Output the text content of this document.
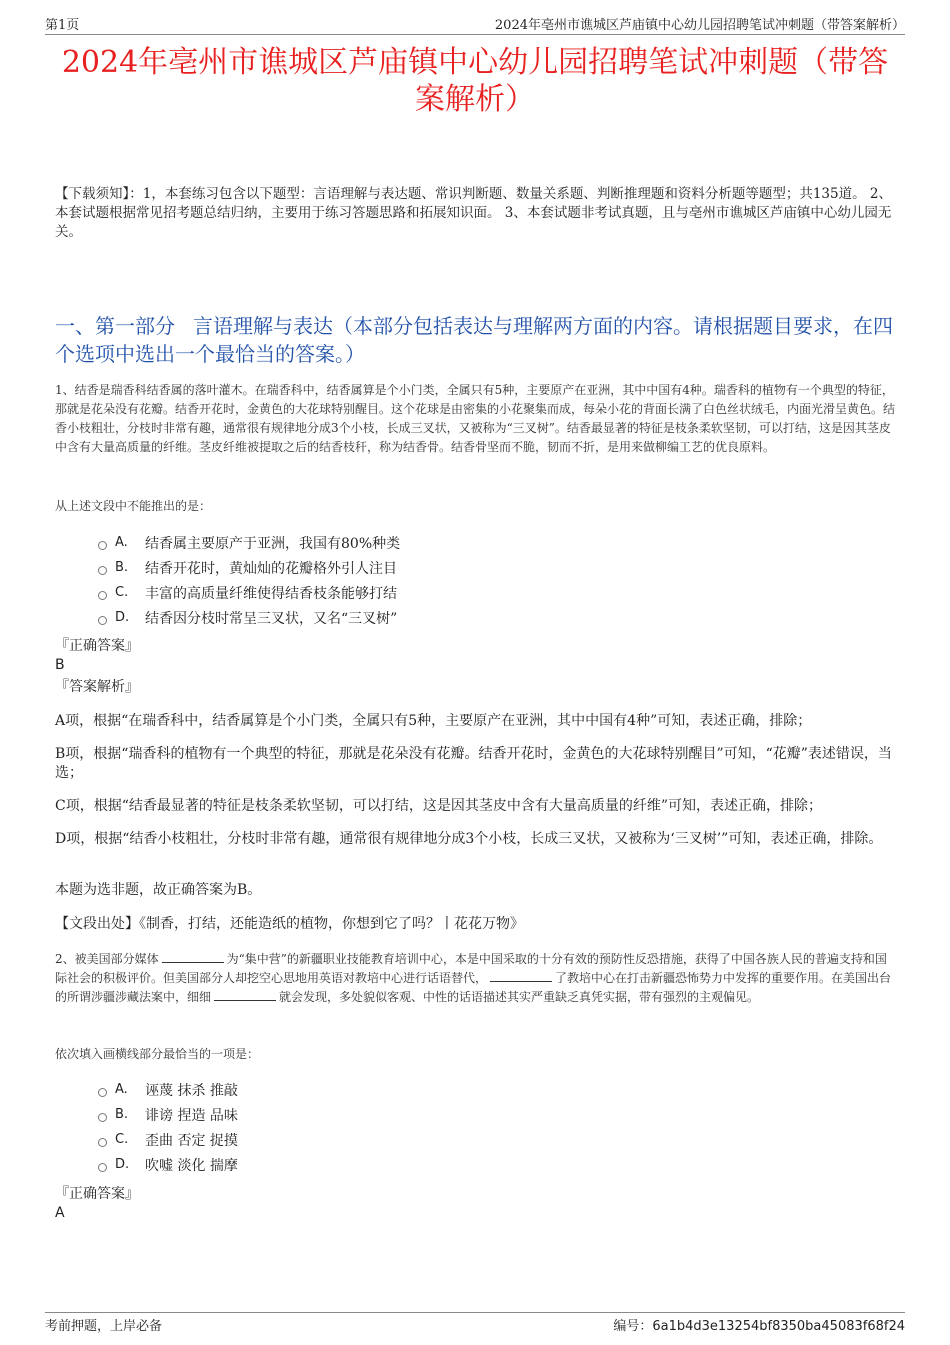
第1页	2024年亳州市谯城区芦庙镇中心幼儿园招聘笔试冲刺题（带答案解析）
2024年亳州市谯城区芦庙镇中心幼儿园招聘笔试冲刺题（带答案解析）
【下载须知】：1，本套练习包含以下题型：言语理解与表达题、常识判断题、数量关系题、判断推理题和资料分析题等题型；共135道。 2、本套试题根据常见招考题总结归纳，主要用于练习答题思路和拓展知识面。 3、本套试题非考试真题，且与亳州市谯城区芦庙镇中心幼儿园无关。
一、第一部分 言语理解与表达（本部分包括表达与理解两方面的内容。请根据题目要求，在四个选项中选出一个最恰当的答案。）
1、结香是瑞香科结香属的落叶灌木。在瑞香科中，结香属算是个小门类，全属只有5种，主要原产在亚洲，其中中国有4种。瑞香科的植物有一个典型的特征，那就是花朵没有花瓣。结香开花时，金黄色的大花球特别醒目。这个花球是由密集的小花聚集而成，每朵小花的背面长满了白色丝状绒毛，内面光滑呈黄色。结香小枝粗壮，分枝时非常有趣，通常很有规律地分成3个小枝，长成三叉状，又被称为“三叉树”。结香最显著的特征是枝条柔软坚韧，可以打结，这是因其茎皮中含有大量高质量的纤维。茎皮纤维被提取之后的结香枝秆，称为结香骨。结香骨坚而不脆，韧而不折，是用来做柳编工艺的优良原料。
从上述文段中不能推出的是：
A.	结香属主要原产于亚洲，我国有80%种类
B.	结香开花时，黄灿灿的花瓣格外引人注目
C.	丰富的高质量纤维使得结香枝条能够打结
D.	结香因分枝时常呈三叉状，又名“三叉树”
『正确答案』
B
『答案解析』
A项，根据“在瑞香科中，结香属算是个小门类，全属只有5种，主要原产在亚洲，其中中国有4种”可知，表述正确，排除；
B项，根据“瑞香科的植物有一个典型的特征，那就是花朵没有花瓣。结香开花时，金黄色的大花球特别醒目”可知，“花瓣”表述错误，当选；
C项，根据“结香最显著的特征是枝条柔软坚韧，可以打结，这是因其茎皮中含有大量高质量的纤维”可知，表述正确，排除；
D项，根据“结香小枝粗壮，分枝时非常有趣，通常很有规律地分成3个小枝，长成三叉状，又被称为‘三叉树’”可知，表述正确，排除。
本题为选非题，故正确答案为B。
【文段出处】《制香，打结，还能造纸的植物，你想到它了吗？丨花花万物》
2、被美国部分媒体	为“集中营”的新疆职业技能教育培训中心，本是中国采取的十分有效的预防性反恐措施，获得了中国各族人民的普遍支持和国际社会的积极评价。但美国部分人却挖空心思地用英语对教培中心进行话语替代，	了教培中心在打击新疆恐怖势力中发挥的重要作用。在美国出台的所谓涉疆涉藏法案中，细细	就会发现，多处貌似客观、中性的话语描述其实严重缺乏真凭实据，带有强烈的主观偏见。
依次填入画横线部分最恰当的一项是：
A.	诬蔑 抹杀 推敲
B.	诽谤 捏造 品味
C.	歪曲 否定 捉摸
D.	吹嘘 淡化 揣摩
『正确答案』
A
考前押题，上岸必备	编号：6a1b4d3e13254bf8350ba45083f68f24
